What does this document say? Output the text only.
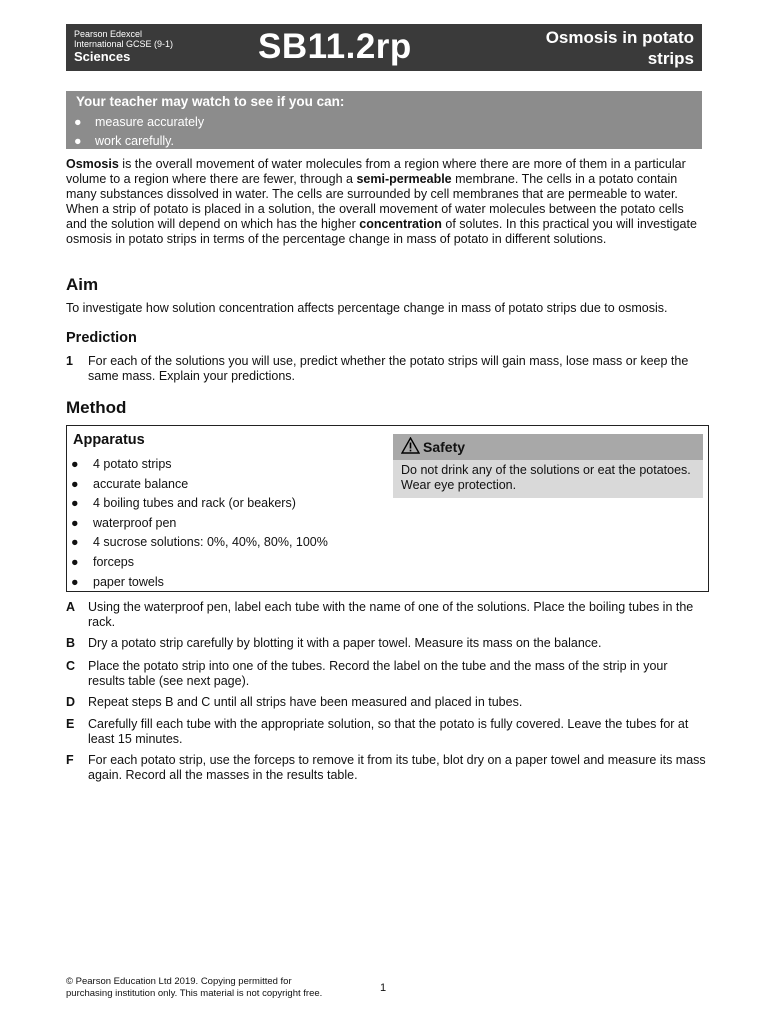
Pearson Edexcel
International GCSE (9-1)
Sciences	SB11.2rp	Osmosis in potato
strips
Your teacher may watch to see if you can:
● measure accurately
● work carefully.

Osmosis is the overall movement of water molecules from a region where there are more of them in a particular volume to a region where there are fewer, through a semi-permeable membrane. The cells in a potato contain many substances dissolved in water. The cells are surrounded by cell membranes that are permeable to water. When a strip of potato is placed in a solution, the overall movement of water molecules between the potato cells and the solution will depend on which has the higher concentration of solutes. In this practical you will investigate osmosis in potato strips in terms of the percentage change in mass of potato in different solutions.

Aim

To investigate how solution concentration affects percentage change in mass of potato strips due to osmosis.

Prediction
1 For each of the solutions you will use, predict whether the potato strips will gain mass, lose mass or keep the same mass. Explain your predictions.
Method
Apparatus
● 4 potato strips
● accurate balance
● 4 boiling tubes and rack (or beakers)
● waterproof pen
● 4 sucrose solutions: 0%, 40%, 80%, 100%
● forceps
● paper towels
Safety
Do not drink any of the solutions or eat the potatoes. Wear eye protection.
A Using the waterproof pen, label each tube with the name of one of the solutions. Place the boiling tubes in the rack.
B Dry a potato strip carefully by blotting it with a paper towel. Measure its mass on the balance.
C Place the potato strip into one of the tubes. Record the label on the tube and the mass of the strip in your results table (see next page).
D Repeat steps B and C until all strips have been measured and placed in tubes.
E Carefully fill each tube with the appropriate solution, so that the potato is fully covered. Leave the tubes for at least 15 minutes.
F For each potato strip, use the forceps to remove it from its tube, blot dry on a paper towel and measure its mass again. Record all the masses in the results table.
© Pearson Education Ltd 2019. Copying permitted for
purchasing institution only. This material is not copyright free.	1
